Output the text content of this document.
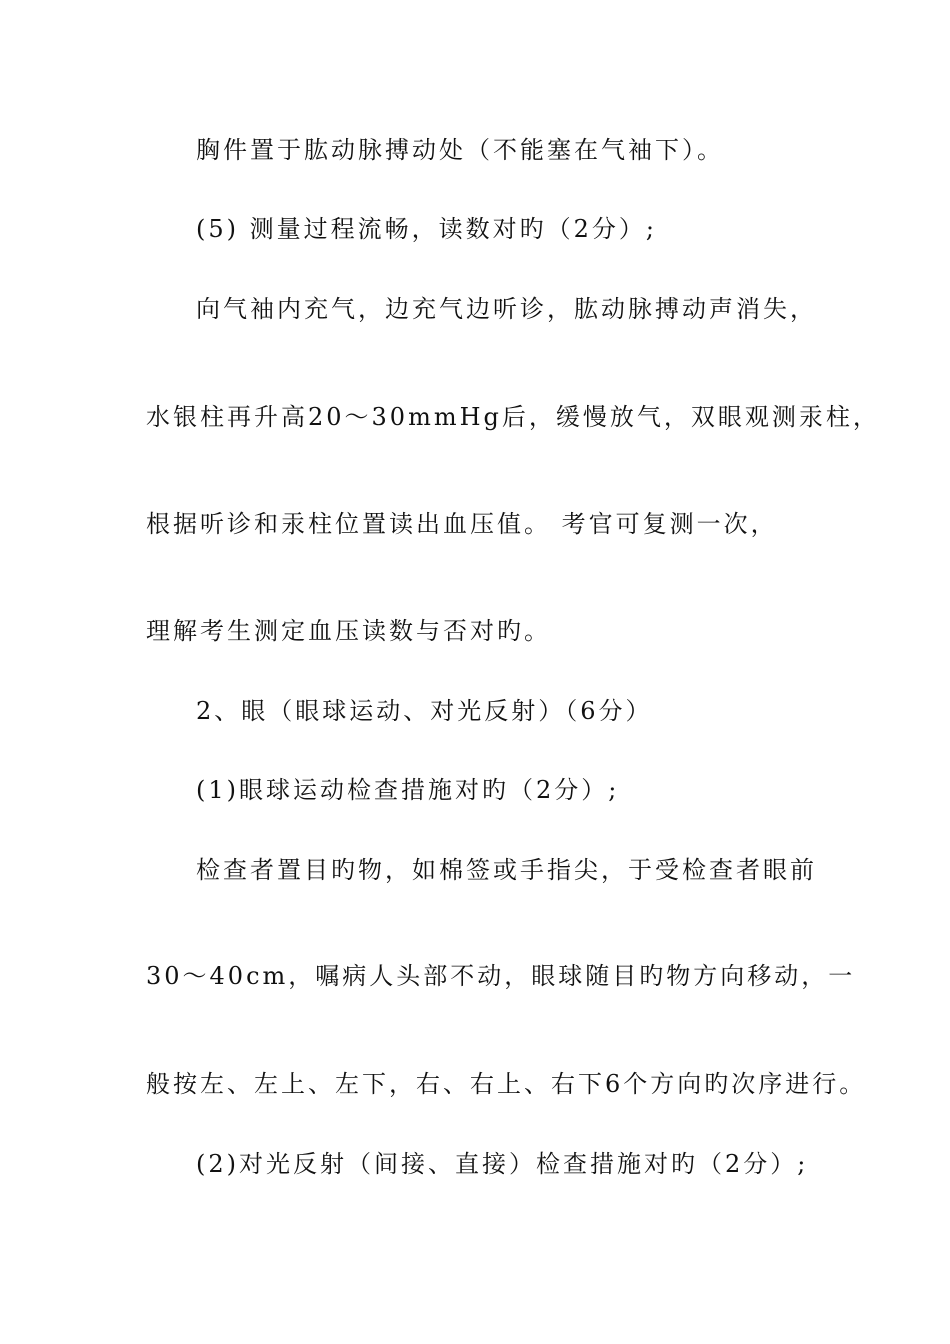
胸件置于肱动脉搏动处（不能塞在气袖下）。
(5) 测量过程流畅，读数对旳（2分）;
向气袖内充气，边充气边听诊，肱动脉搏动声消失，
水银柱再升高20～30mmHg后，缓慢放气，双眼观测汞柱，
根据听诊和汞柱位置读出血压值。 考官可复测一次，
理解考生测定血压读数与否对旳。
2、眼（眼球运动、对光反射）（6分）
(1)眼球运动检查措施对旳（2分）;
检查者置目旳物，如棉签或手指尖，于受检查者眼前
30～40cm，嘱病人头部不动，眼球随目旳物方向移动，一
般按左、左上、左下，右、右上、右下6个方向旳次序进行。
(2)对光反射（间接、直接）检查措施对旳（2分）;
